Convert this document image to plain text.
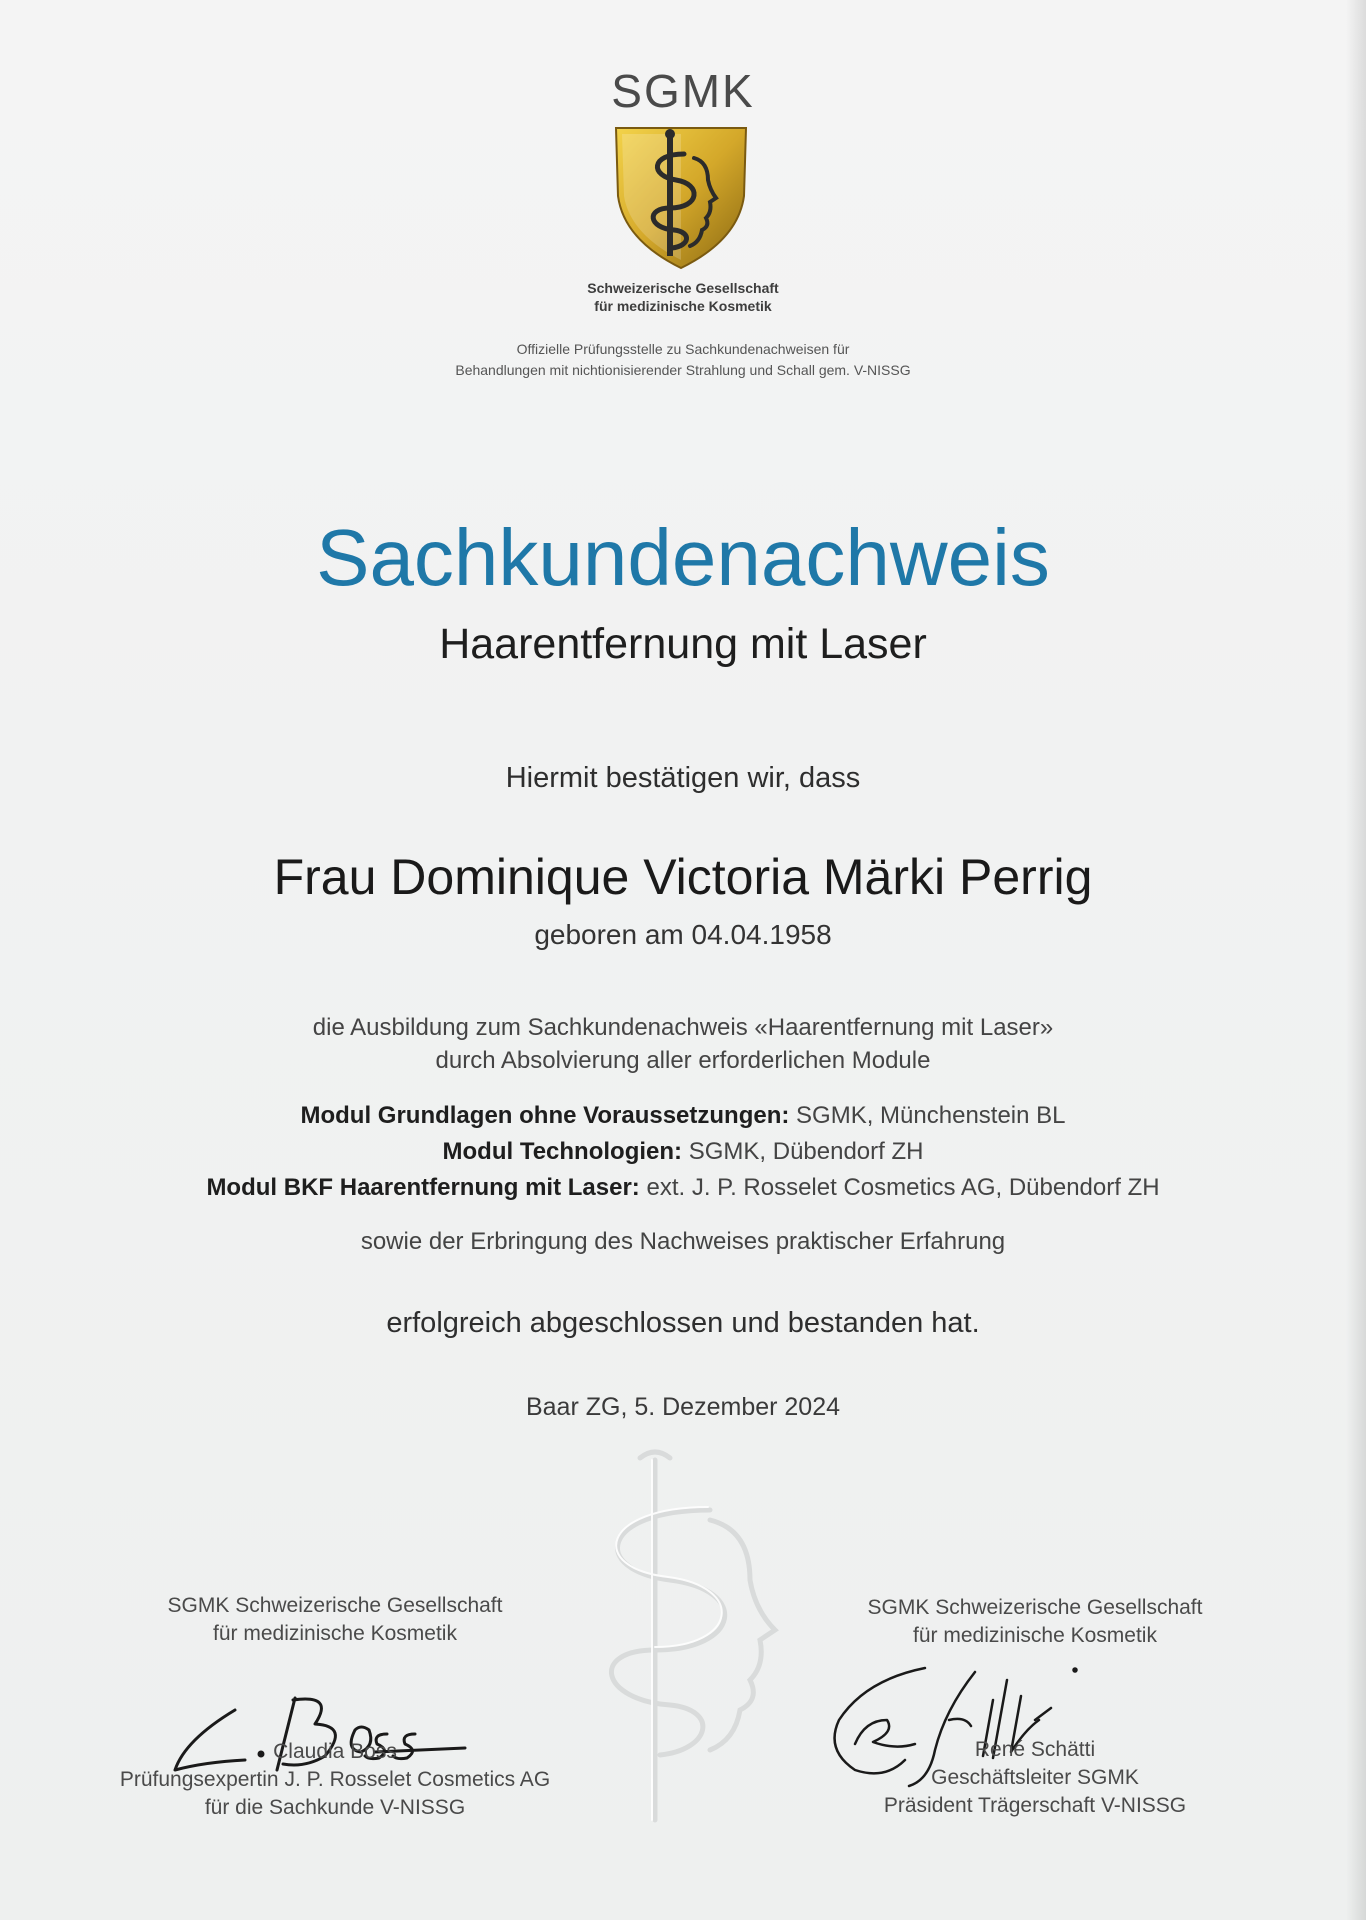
SGMK
Schweizerische Gesellschaft
für medizinische Kosmetik
Offizielle Prüfungsstelle zu Sachkundenachweisen für
Behandlungen mit nichtionisierender Strahlung und Schall gem. V-NISSG
Sachkundenachweis
Haarentfernung mit Laser
Hiermit bestätigen wir, dass
Frau Dominique Victoria Märki Perrig
geboren am 04.04.1958
die Ausbildung zum Sachkundenachweis «Haarentfernung mit Laser»
durch Absolvierung aller erforderlichen Module
Modul Grundlagen ohne Voraussetzungen: SGMK, Münchenstein BL
Modul Technologien: SGMK, Dübendorf ZH
Modul BKF Haarentfernung mit Laser: ext. J. P. Rosselet Cosmetics AG, Dübendorf ZH
sowie der Erbringung des Nachweises praktischer Erfahrung
erfolgreich abgeschlossen und bestanden hat.
Baar ZG, 5. Dezember 2024
SGMK Schweizerische Gesellschaft
für medizinische Kosmetik
Claudia Boss
Prüfungsexpertin J. P. Rosselet Cosmetics AG
für die Sachkunde V-NISSG
SGMK Schweizerische Gesellschaft
für medizinische Kosmetik
René Schätti
Geschäftsleiter SGMK
Präsident Trägerschaft V-NISSG
